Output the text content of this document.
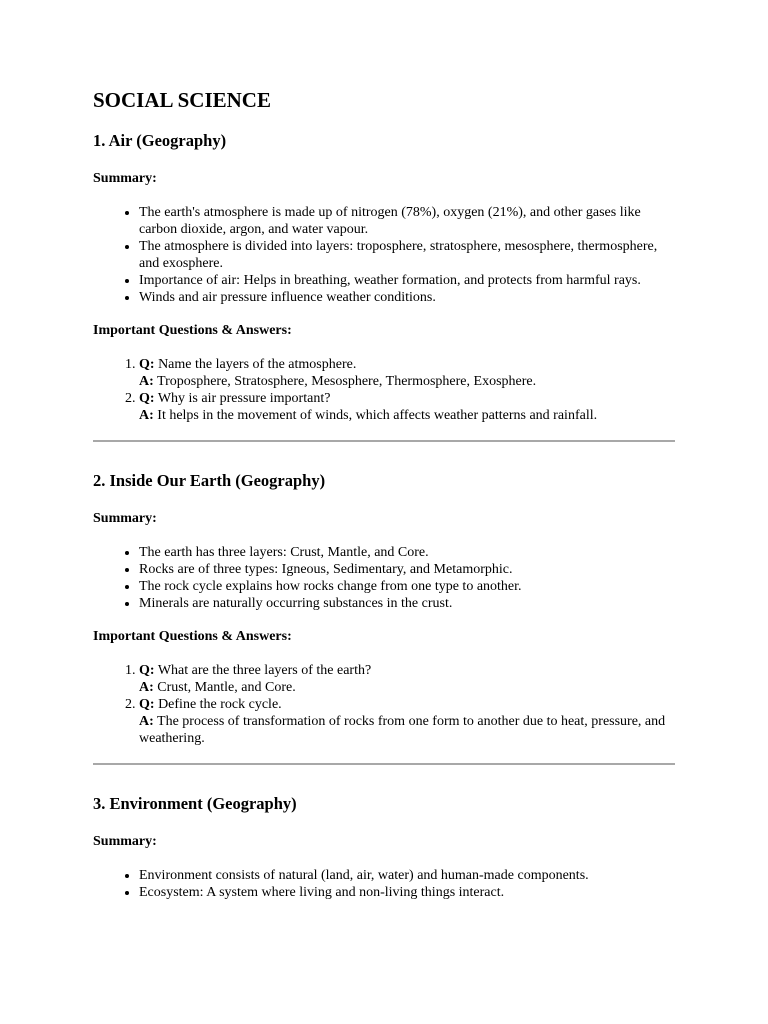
SOCIAL SCIENCE
1. Air (Geography)

Summary:

• The earth's atmosphere is made up of nitrogen (78%), oxygen (21%), and other gases like carbon dioxide, argon, and water vapour.
• The atmosphere is divided into layers: troposphere, stratosphere, mesosphere, thermosphere, and exosphere.
• Importance of air: Helps in breathing, weather formation, and protects from harmful rays.
• Winds and air pressure influence weather conditions.

Important Questions & Answers:

1. Q: Name the layers of the atmosphere.
A: Troposphere, Stratosphere, Mesosphere, Thermosphere, Exosphere.
2. Q: Why is air pressure important?
A: It helps in the movement of winds, which affects weather patterns and rainfall.
2. Inside Our Earth (Geography)

Summary:

• The earth has three layers: Crust, Mantle, and Core.
• Rocks are of three types: Igneous, Sedimentary, and Metamorphic.
• The rock cycle explains how rocks change from one type to another.
• Minerals are naturally occurring substances in the crust.

Important Questions & Answers:

1. Q: What are the three layers of the earth?
A: Crust, Mantle, and Core.
2. Q: Define the rock cycle.
A: The process of transformation of rocks from one form to another due to heat, pressure, and weathering.
3. Environment (Geography)

Summary:

• Environment consists of natural (land, air, water) and human-made components.
• Ecosystem: A system where living and non-living things interact.
